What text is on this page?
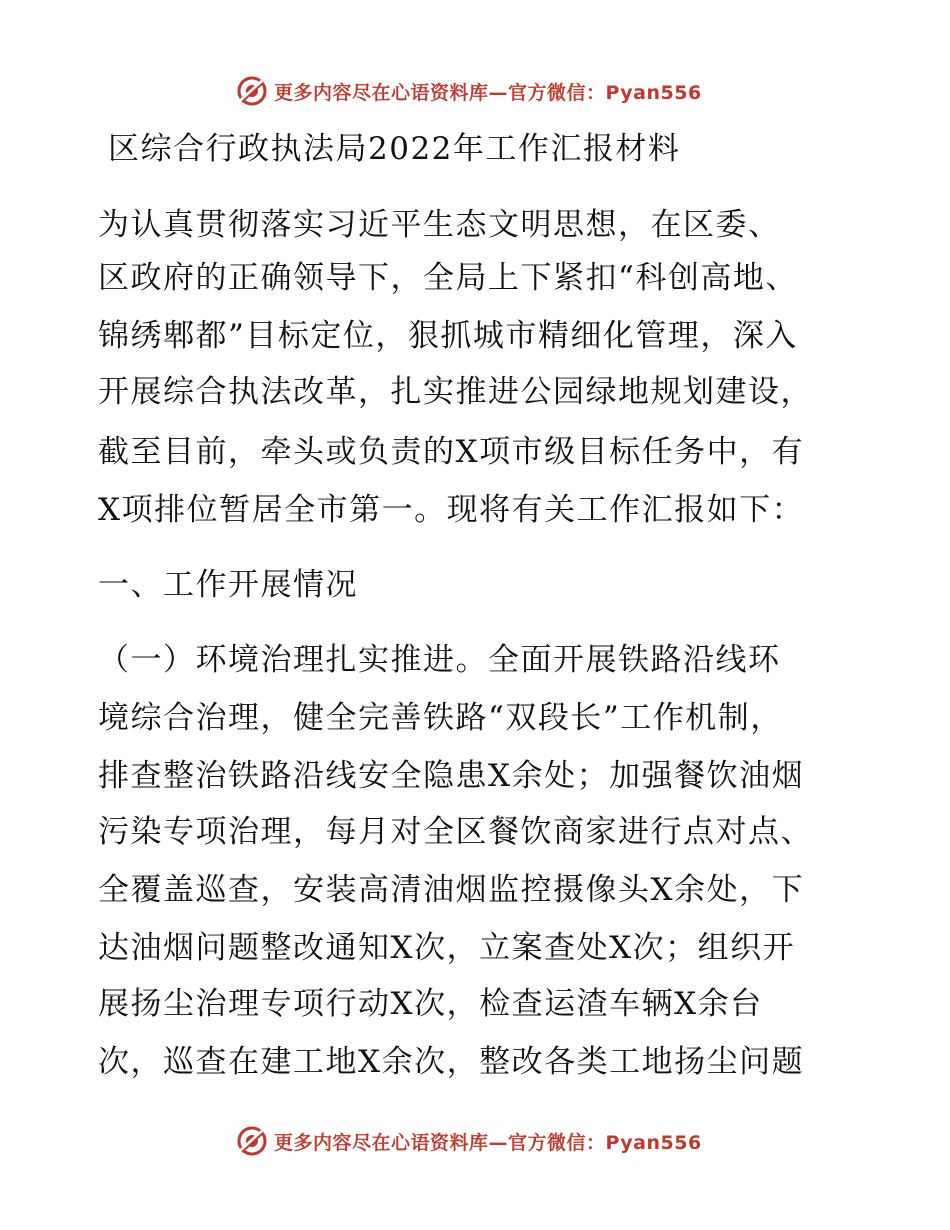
更多内容尽在心语资料库—官方微信：Pyan556
区综合行政执法局2022年工作汇报材料
为认真贯彻落实习近平生态文明思想，在区委、
区政府的正确领导下，全局上下紧扣“科创高地、
锦绣郫都”目标定位，狠抓城市精细化管理，深入
开展综合执法改革，扎实推进公园绿地规划建设，
截至目前，牵头或负责的X项市级目标任务中，有
X项排位暂居全市第一。现将有关工作汇报如下：
一、工作开展情况
（一）环境治理扎实推进。全面开展铁路沿线环
境综合治理，健全完善铁路“双段长”工作机制，
排查整治铁路沿线安全隐患X余处；加强餐饮油烟
污染专项治理，每月对全区餐饮商家进行点对点、
全覆盖巡查，安装高清油烟监控摄像头X余处，下
达油烟问题整改通知X次，立案查处X次；组织开
展扬尘治理专项行动X次，检查运渣车辆X余台
次，巡查在建工地X余次，整改各类工地扬尘问题
更多内容尽在心语资料库—官方微信：Pyan556
